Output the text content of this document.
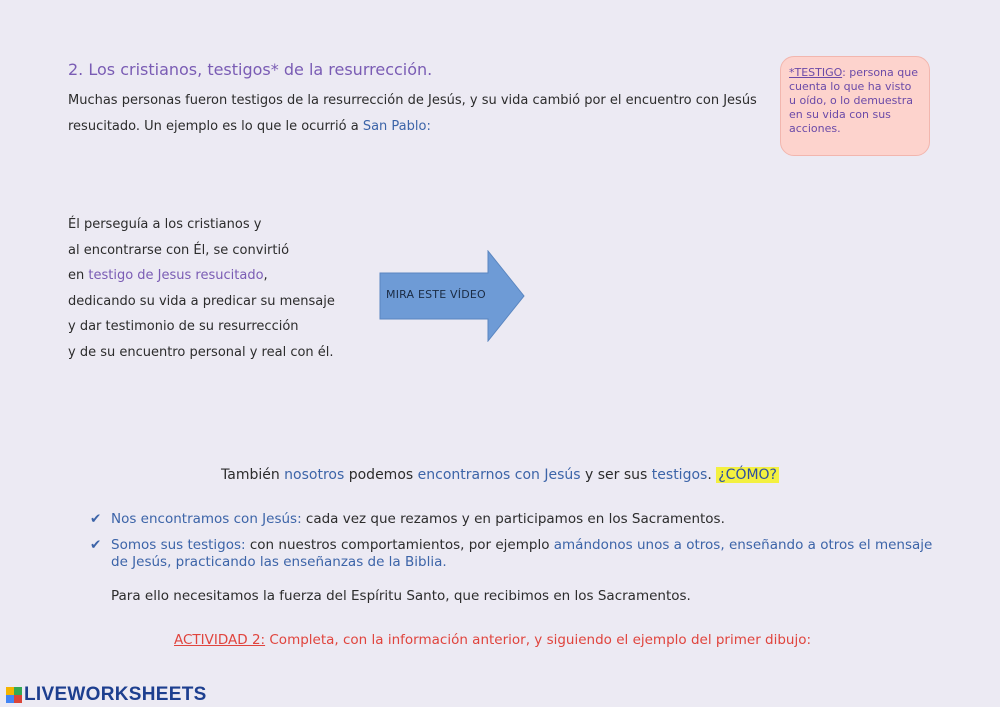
2. Los cristianos, testigos* de la resurrección.
Muchas personas fueron testigos de la resurrección de Jesús, y su vida cambió por el encuentro con Jesús
resucitado. Un ejemplo es lo que le ocurrió a San Pablo:
*TESTIGO: persona que cuenta lo que ha visto u oído, o lo demuestra en su vida con sus acciones.
Él perseguía a los cristianos y
al encontrarse con Él, se convirtió
en testigo de Jesus resucitado,
dedicando su vida a predicar su mensaje
y dar testimonio de su resurrección
y de su encuentro personal y real con él.
MIRA ESTE VÍDEO
También nosotros podemos encontrarnos con Jesús y ser sus testigos. ¿CÓMO?
✔ Nos encontramos con Jesús: cada vez que rezamos y en participamos en los Sacramentos.
✔ Somos sus testigos: con nuestros comportamientos, por ejemplo amándonos unos a otros, enseñando a otros el mensaje de Jesús, practicando las enseñanzas de la Biblia.
Para ello necesitamos la fuerza del Espíritu Santo, que recibimos en los Sacramentos.
ACTIVIDAD 2: Completa, con la información anterior, y siguiendo el ejemplo del primer dibujo:
LIVEWORKSHEETS
